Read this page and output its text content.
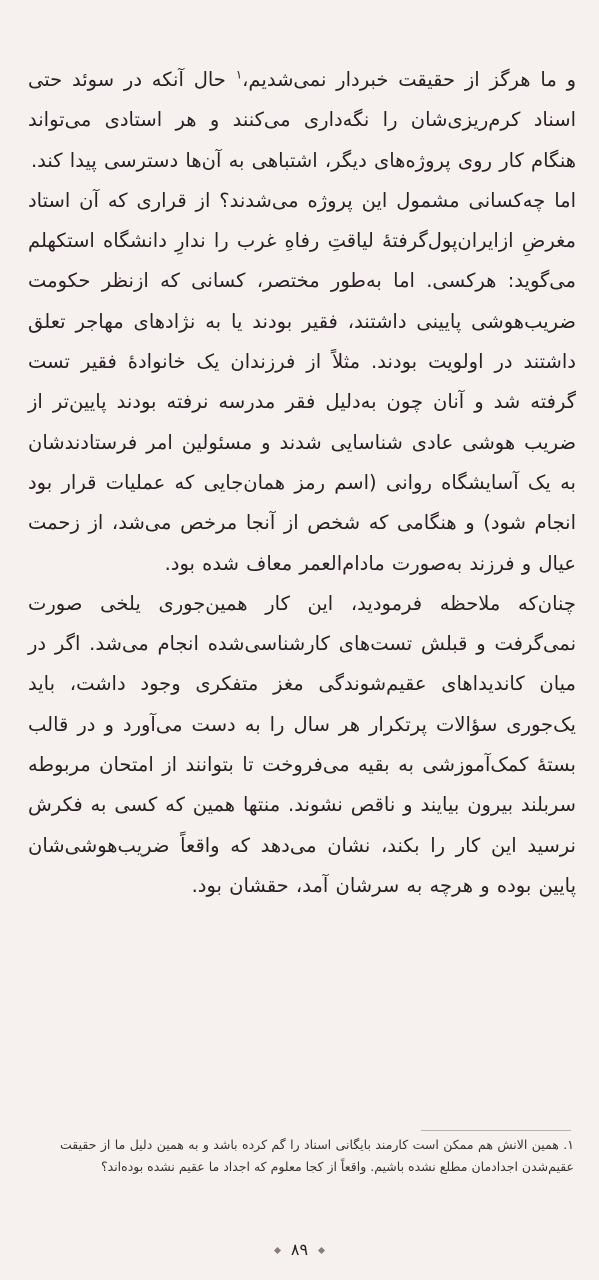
و ما هرگز از حقیقت خبردار نمی‌شدیم،$^۱$ حال آنکه در سوئد حتی اسناد کرم‌ریزی‌شان را نگه‌داری می‌کنند و هر استادی می‌تواند هنگام کار روی پروژه‌های دیگر، اشتباهی به آن‌ها دسترسی پیدا کند.

اما چه‌کسانی مشمول این پروژه می‌شدند؟ از قراری که آن استاد مغرضِ ازایران‌پول‌گرفتهٔ لیاقتِ رفاهِ غرب را ندارِ دانشگاه استکهلم می‌گوید: هرکسی. اما به‌طور مختصر، کسانی که ازنظر حکومت ضریب‌هوشی پایینی داشتند، فقیر بودند یا به نژادهای مهاجر تعلق داشتند در اولویت بودند. مثلاً از فرزندان یک خانوادهٔ فقیر تست گرفته شد و آنان چون به‌دلیل فقر مدرسه نرفته بودند پایین‌تر از ضریب هوشی عادی شناسایی شدند و مسئولین امر فرستادندشان به یک آسایشگاه روانی (اسم رمز همان‌جایی که عملیات قرار بود انجام شود) و هنگامی که شخص از آنجا مرخص می‌شد، از زحمت عیال و فرزند به‌صورت مادام‌العمر معاف شده بود.

چنان‌که ملاحظه فرمودید، این کار همین‌جوری یلخی صورت نمی‌گرفت و قبلش تست‌های کارشناسی‌شده انجام می‌شد. اگر در میان کاندیداهای عقیم‌شوندگی مغز متفکری وجود داشت، باید یک‌جوری سؤالات پرتکرار هر سال را به دست می‌آورد و در قالب بستهٔ کمک‌آموزشی به بقیه می‌فروخت تا بتوانند از امتحان مربوطه سربلند بیرون بیایند و ناقص نشوند. منتها همین که کسی به فکرش نرسید این کار را بکند، نشان می‌دهد که واقعاً ضریب‌هوشی‌شان پایین بوده و هرچه به سرشان آمد، حقشان بود.

۱. همین الانش هم ممکن است کارمند بایگانی اسناد را گم کرده باشد و به همین دلیل ما از حقیقت عقیم‌شدن اجدادمان مطلع نشده باشیم. واقعاً از کجا معلوم که اجداد ما عقیم نشده بوده‌اند؟

۸۹
